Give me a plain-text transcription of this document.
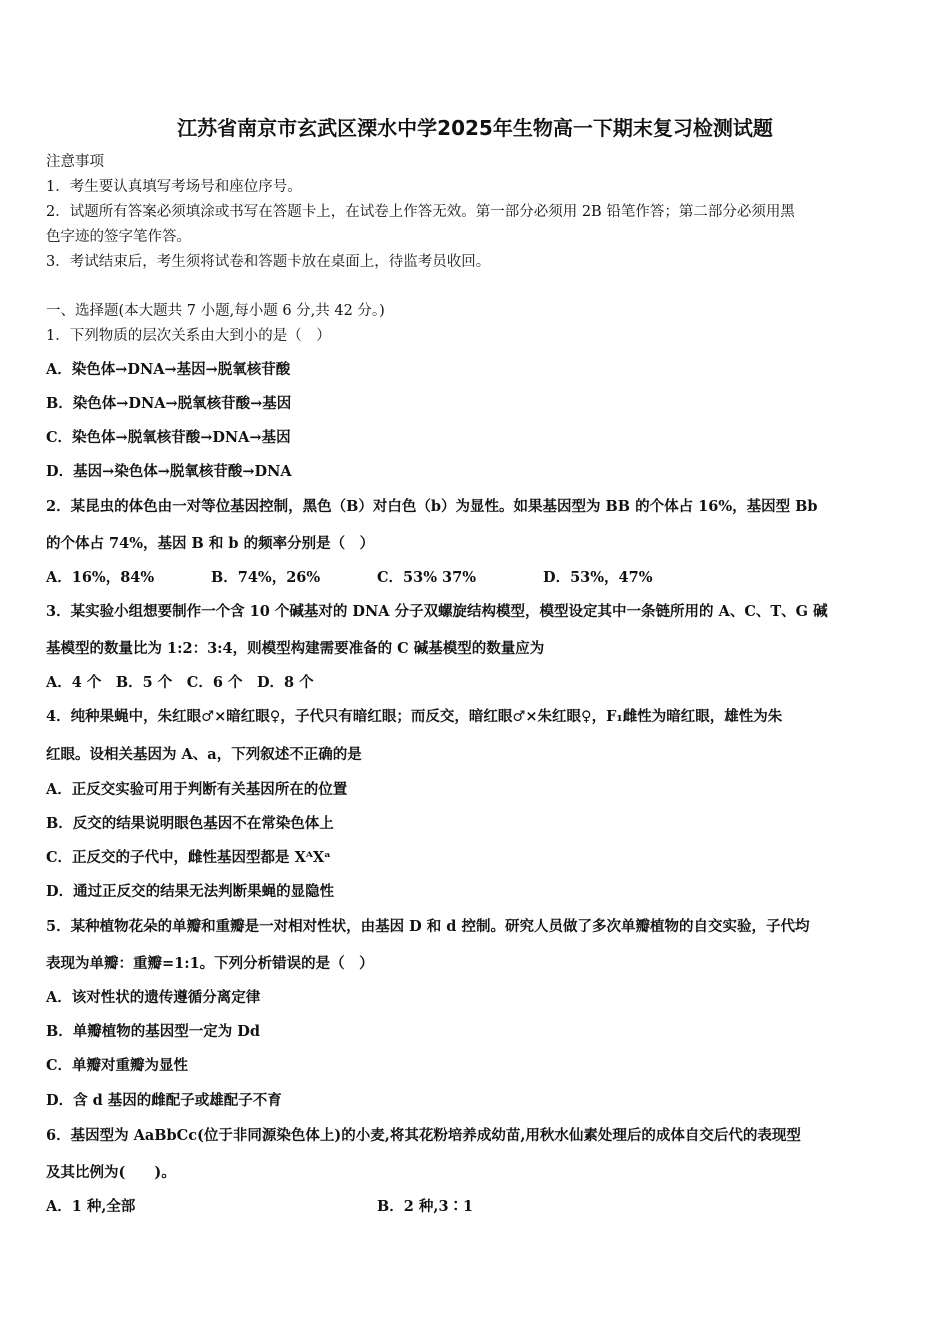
江苏省南京市玄武区溧水中学2025年生物高一下期末复习检测试题
注意事项
1．考生要认真填写考场号和座位序号。
2．试题所有答案必须填涂或书写在答题卡上，在试卷上作答无效。第一部分必须用 2B 铅笔作答；第二部分必须用黑
色字迹的签字笔作答。
3．考试结束后，考生须将试卷和答题卡放在桌面上，待监考员收回。
一、选择题(本大题共 7 小题,每小题 6 分,共 42 分。)
1．下列物质的层次关系由大到小的是（　）
A．染色体→DNA→基因→脱氧核苷酸
B．染色体→DNA→脱氧核苷酸→基因
C．染色体→脱氧核苷酸→DNA→基因
D．基因→染色体→脱氧核苷酸→DNA
2．某昆虫的体色由一对等位基因控制，黑色（B）对白色（b）为显性。如果基因型为 BB 的个体占 16%，基因型 Bb
的个体占 74%，基因 B 和 b 的频率分别是（　）
A．16%，84%	B．74%，26%	C．53% 37%	D．53%，47%
3．某实验小组想要制作一个含 10 个碱基对的 DNA 分子双螺旋结构模型，模型设定其中一条链所用的 A、C、T、G 碱
基模型的数量比为 1:2：3:4，则模型构建需要准备的 C 碱基模型的数量应为
A．4 个　B．5 个　C．6 个　D．8 个
4．纯种果蝇中，朱红眼♂×暗红眼♀，子代只有暗红眼；而反交，暗红眼♂×朱红眼♀，F₁雌性为暗红眼，雄性为朱
红眼。设相关基因为 A、a，下列叙述不正确的是
A．正反交实验可用于判断有关基因所在的位置
B．反交的结果说明眼色基因不在常染色体上
C．正反交的子代中，雌性基因型都是 XᴬXᵃ
D．通过正反交的结果无法判断果蝇的显隐性
5．某种植物花朵的单瓣和重瓣是一对相对性状，由基因 D 和 d 控制。研究人员做了多次单瓣植物的自交实验，子代均
表现为单瓣：重瓣=1:1。下列分析错误的是（　）
A．该对性状的遗传遵循分离定律
B．单瓣植物的基因型一定为 Dd
C．单瓣对重瓣为显性
D．含 d 基因的雌配子或雄配子不育
6．基因型为 AaBbCc(位于非同源染色体上)的小麦,将其花粉培养成幼苗,用秋水仙素处理后的成体自交后代的表现型
及其比例为(　　)。
A．1 种,全部	B．2 种,3∶1
